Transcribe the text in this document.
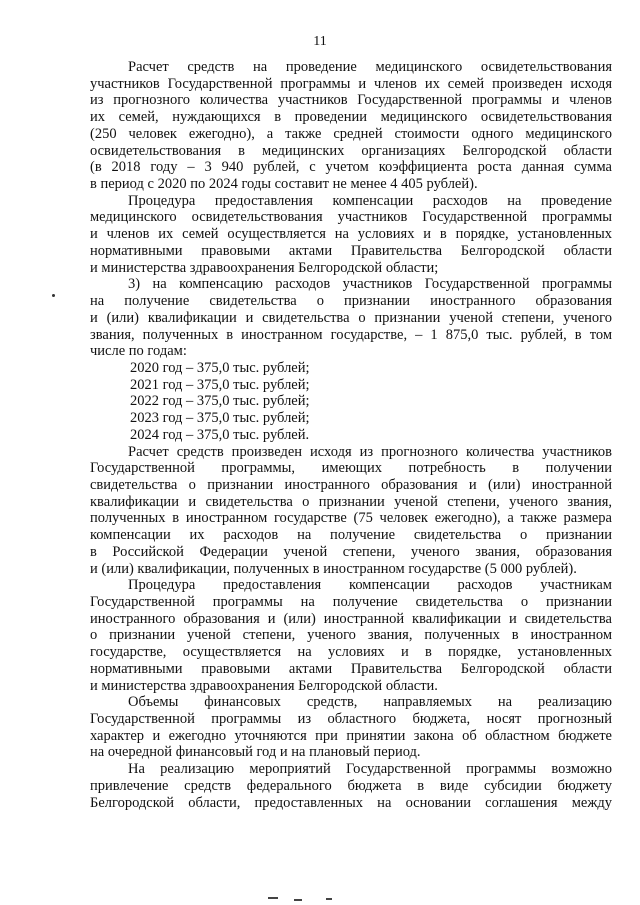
11
Расчет средств на проведение медицинского освидетельствования
участников Государственной программы и членов их семей произведен исходя
из прогнозного количества участников Государственной программы и членов
их семей, нуждающихся в проведении медицинского освидетельствования
(250 человек ежегодно), а также средней стоимости одного медицинского
освидетельствования в медицинских организациях Белгородской области
(в 2018 году – 3 940 рублей, с учетом коэффициента роста данная сумма
в период с 2020 по 2024 годы составит не менее 4 405 рублей).
Процедура предоставления компенсации расходов на проведение
медицинского освидетельствования участников Государственной программы
и членов их семей осуществляется на условиях и в порядке, установленных
нормативными правовыми актами Правительства Белгородской области
и министерства здравоохранения Белгородской области;
3) на компенсацию расходов участников Государственной программы
на получение свидетельства о признании иностранного образования
и (или) квалификации и свидетельства о признании ученой степени, ученого
звания, полученных в иностранном государстве, – 1 875,0 тыс. рублей, в том
числе по годам:
2020 год – 375,0 тыс. рублей;
2021 год – 375,0 тыс. рублей;
2022 год – 375,0 тыс. рублей;
2023 год – 375,0 тыс. рублей;
2024 год – 375,0 тыс. рублей.
Расчет средств произведен исходя из прогнозного количества участников
Государственной программы, имеющих потребность в получении
свидетельства о признании иностранного образования и (или) иностранной
квалификации и свидетельства о признании ученой степени, ученого звания,
полученных в иностранном государстве (75 человек ежегодно), а также размера
компенсации их расходов на получение свидетельства о признании
в Российской Федерации ученой степени, ученого звания, образования
и (или) квалификации, полученных в иностранном государстве (5 000 рублей).
Процедура предоставления компенсации расходов участникам
Государственной программы на получение свидетельства о признании
иностранного образования и (или) иностранной квалификации и свидетельства
о признании ученой степени, ученого звания, полученных в иностранном
государстве, осуществляется на условиях и в порядке, установленных
нормативными правовыми актами Правительства Белгородской области
и министерства здравоохранения Белгородской области.
Объемы финансовых средств, направляемых на реализацию
Государственной программы из областного бюджета, носят прогнозный
характер и ежегодно уточняются при принятии закона об областном бюджете
на очередной финансовый год и на плановый период.
На реализацию мероприятий Государственной программы возможно
привлечение средств федерального бюджета в виде субсидии бюджету
Белгородской области, предоставленных на основании соглашения между
